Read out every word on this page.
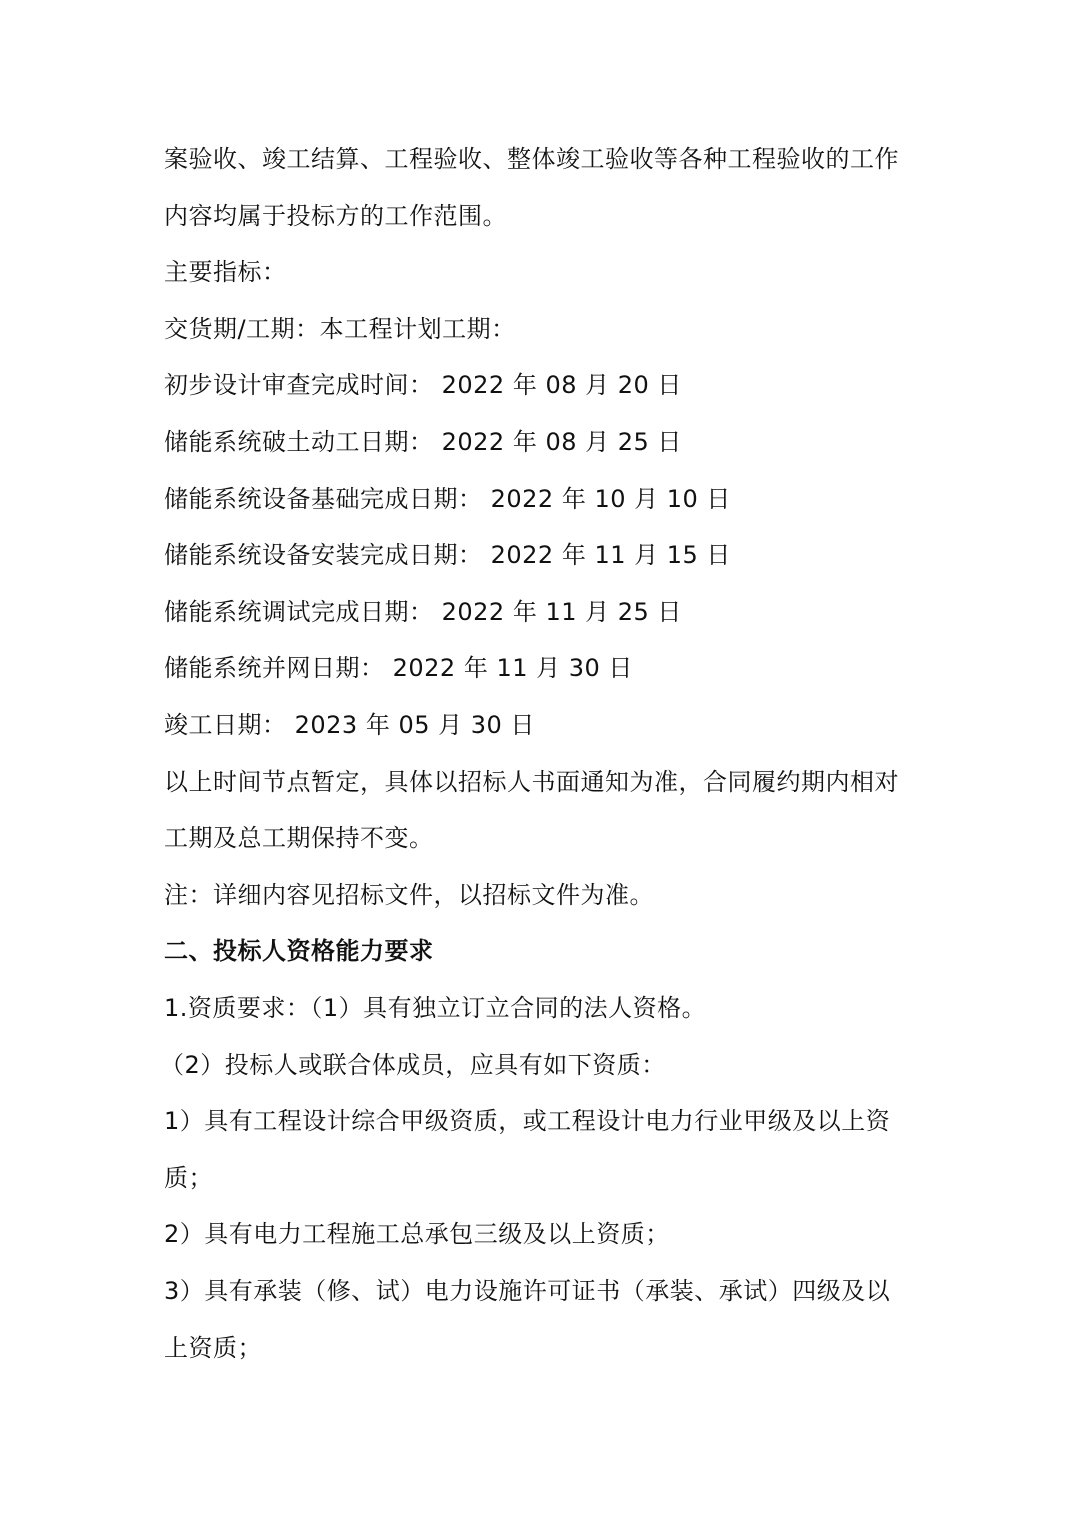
案验收、竣工结算、工程验收、整体竣工验收等各种工程验收的工作
内容均属于投标方的工作范围。
主要指标：
交货期/工期：本工程计划工期：
初步设计审查完成时间： 2022 年 08 月 20 日
储能系统破土动工日期： 2022 年 08 月 25 日
储能系统设备基础完成日期： 2022 年 10 月 10 日
储能系统设备安装完成日期： 2022 年 11 月 15 日
储能系统调试完成日期： 2022 年 11 月 25 日
储能系统并网日期： 2022 年 11 月 30 日
竣工日期： 2023 年 05 月 30 日
以上时间节点暂定，具体以招标人书面通知为准，合同履约期内相对
工期及总工期保持不变。
注：详细内容见招标文件，以招标文件为准。
二、投标人资格能力要求
1.资质要求：（1）具有独立订立合同的法人资格。
（2）投标人或联合体成员，应具有如下资质：
1）具有工程设计综合甲级资质，或工程设计电力行业甲级及以上资
质；
2）具有电力工程施工总承包三级及以上资质；
3）具有承装（修、试）电力设施许可证书（承装、承试）四级及以
上资质；
